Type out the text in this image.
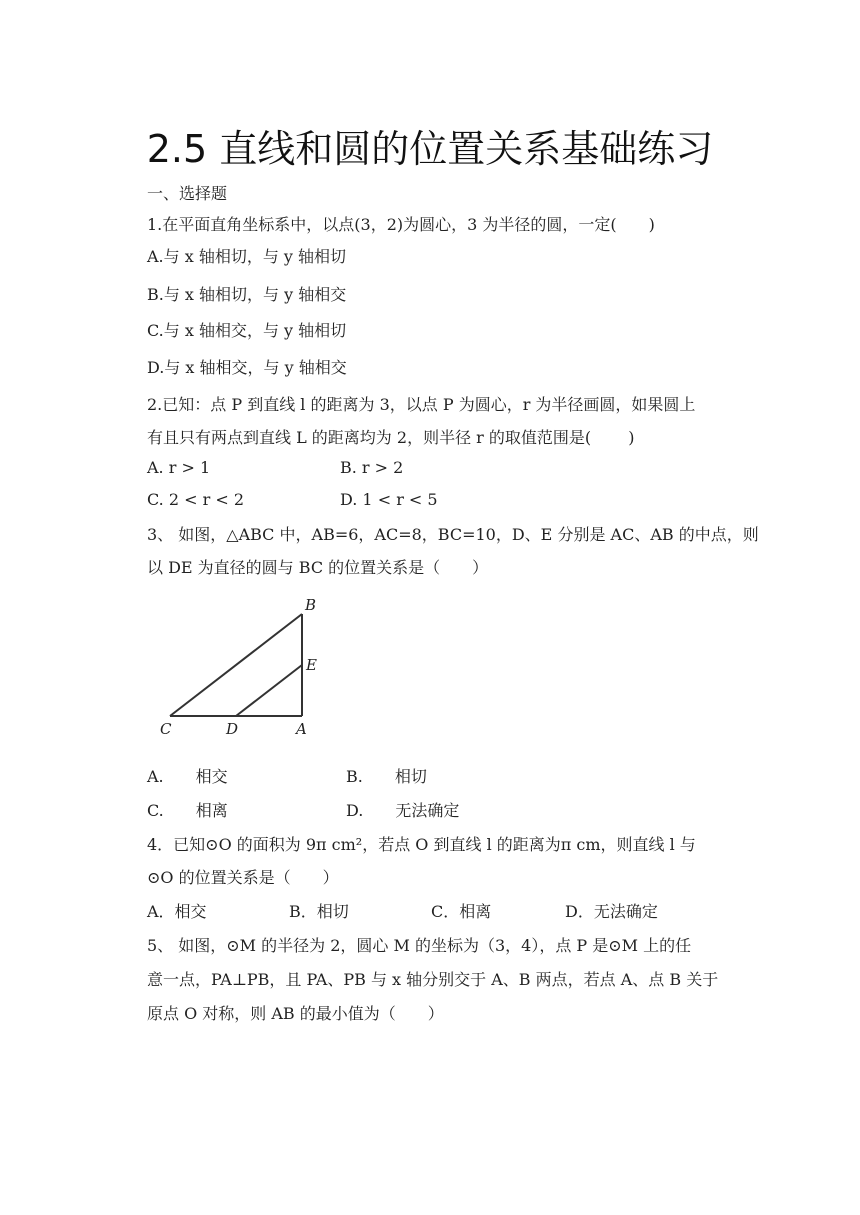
2.5 直线和圆的位置关系基础练习
一、选择题
1.在平面直角坐标系中，以点(3，2)为圆心，3 为半径的圆，一定(　　)
A.与 x 轴相切，与 y 轴相切
B.与 x 轴相切，与 y 轴相交
C.与 x 轴相交，与 y 轴相切
D.与 x 轴相交，与 y 轴相交
2.已知：点 P 到直线 l 的距离为 3，以点 P 为圆心，r 为半径画圆，如果圆上
有且只有两点到直线 L 的距离均为 2，则半径 r 的取值范围是(　　 )
A. r > 1	B. r > 2
C. 2 < r < 2	D. 1 < r < 5
3、 如图，△ABC 中，AB=6，AC=8，BC=10，D、E 分别是 AC、AB 的中点，则
以 DE 为直径的圆与 BC 的位置关系是（　　）
B
E
C	D	A
A.　　相交	B.　　相切
C.　　相离	D.　　无法确定
4．已知⊙O 的面积为 9π cm²，若点 O 到直线 l 的距离为π cm，则直线 l 与
⊙O 的位置关系是（　　）
A．相交	B．相切	C．相离	D．无法确定
5、 如图，⊙M 的半径为 2，圆心 M 的坐标为（3，4），点 P 是⊙M 上的任
意一点，PA⊥PB，且 PA、PB 与 x 轴分别交于 A、B 两点，若点 A、点 B 关于
原点 O 对称，则 AB 的最小值为（　　）
